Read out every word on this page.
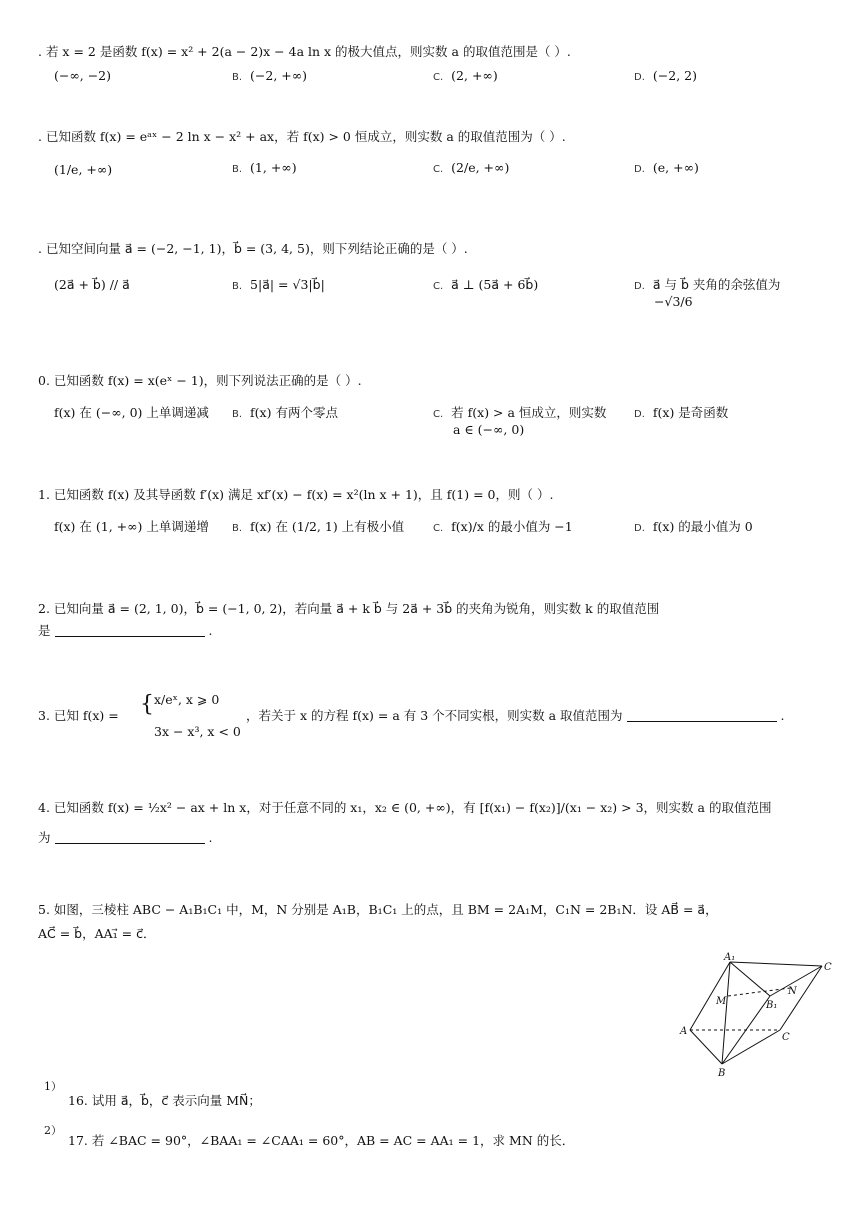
. 若 x = 2 是函数 f(x) = x² + 2(a − 2)x − 4a ln x 的极大值点，则实数 a 的取值范围是（ ）.
(−∞, −2)	B. (−2, +∞)	C. (2, +∞)	D. (−2, 2)
. 已知函数 f(x) = eᵃˣ − 2 ln x − x² + ax，若 f(x) > 0 恒成立，则实数 a 的取值范围为（ ）.
(1/e, +∞)	B. (1, +∞)	C. (2/e, +∞)	D. (e, +∞)
. 已知空间向量 a⃗ = (−2, −1, 1)，b⃗ = (3, 4, 5)，则下列结论正确的是（ ）.
(2a⃗ + b⃗) // a⃗	B. 5|a⃗| = √3|b⃗|	C. a⃗ ⊥ (5a⃗ + 6b⃗)	D. a⃗ 与 b⃗ 夹角的余弦值为
−√3/6
0. 已知函数 f(x) = x(eˣ − 1)，则下列说法正确的是（ ）.
f(x) 在 (−∞, 0) 上单调递减 B. f(x) 有两个零点	C. 若 f(x) > a 恒成立，则实数
a ∈ (−∞, 0)
D. f(x) 是奇函数
1. 已知函数 f(x) 及其导函数 f′(x) 满足 xf′(x) − f(x) = x²(ln x + 1)，且 f(1) = 0，则（ ）.
f(x) 在 (1, +∞) 上单调递增 B. f(x) 在 (1/2, 1) 上有极小值	C. f(x)/x 的最小值为 −1	D. f(x) 的最小值为 0
2. 已知向量 a⃗ = (2, 1, 0)，b⃗ = (−1, 0, 2)，若向量 a⃗ + k b⃗ 与 2a⃗ + 3b⃗ 的夹角为锐角，则实数 k 的取值范围
是	.
3. 已知 f(x) = { x/eˣ, x ⩾ 0
3x − x³, x < 0
，若关于 x 的方程 f(x) = a 有 3 个不同实根，则实数 a 取值范围为	.
4. 已知函数 f(x) = ½x² − ax + ln x，对于任意不同的 x₁，x₂ ∈ (0, +∞)，有 [f(x₁) − f(x₂)]/(x₁ − x₂) > 3，则实数 a 的取值范围
为	.
5. 如图，三棱柱 ABC − A₁B₁C₁ 中，M，N 分别是 A₁B，B₁C₁ 上的点，且 BM = 2A₁M，C₁N = 2B₁N．设 AB⃗ = a⃗，
AC⃗ = b⃗，AA₁⃗ = c⃗．
A₁
C
M
N
B₁
A
C
B
1）
16. 试用 a⃗，b⃗，c⃗ 表示向量 MN⃗；
2）
17. 若 ∠BAC = 90°，∠BAA₁ = ∠CAA₁ = 60°，AB = AC = AA₁ = 1，求 MN 的长．
